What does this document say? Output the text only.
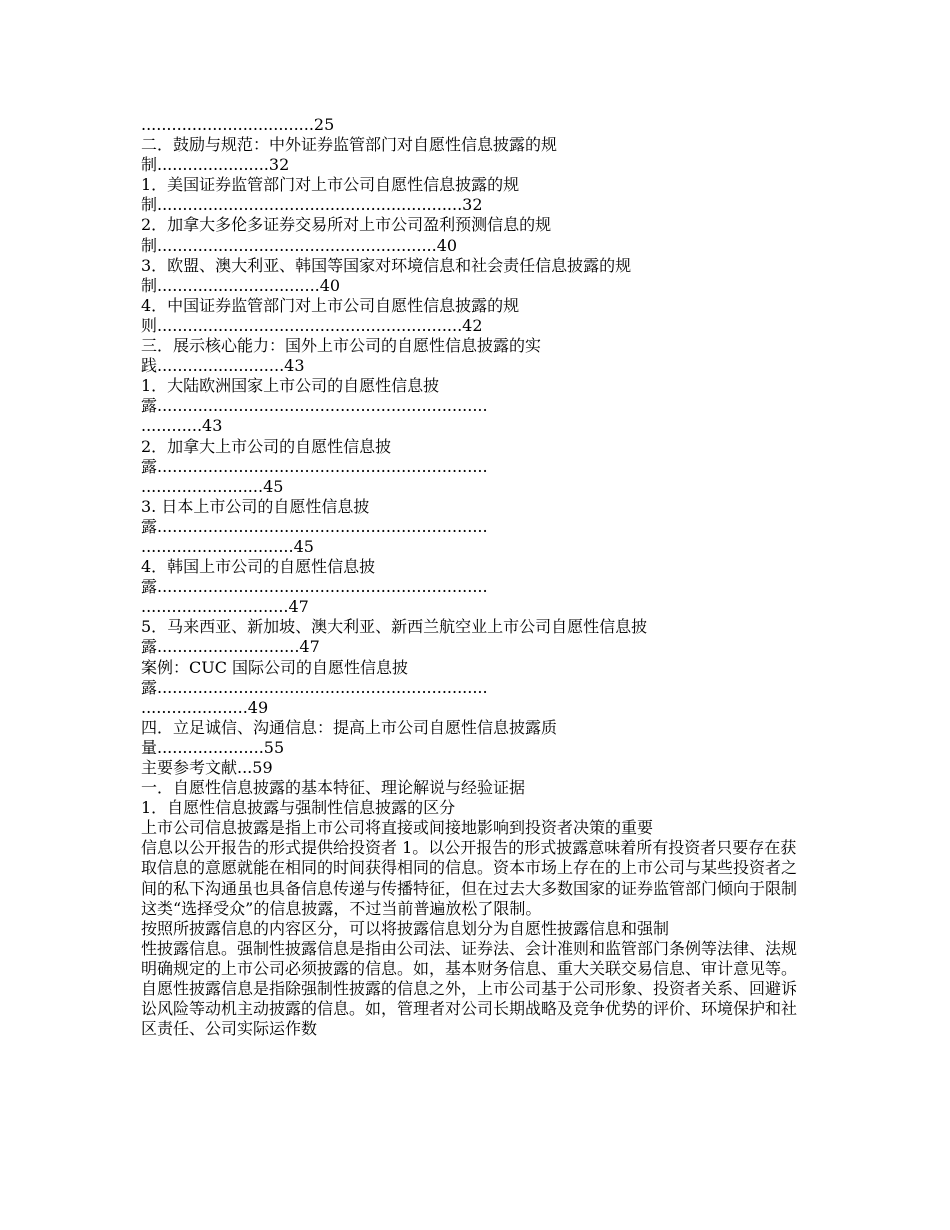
..................................25
二．鼓励与规范：中外证券监管部门对自愿性信息披露的规
制......................32
1．美国证券监管部门对上市公司自愿性信息披露的规
制............................................................32
2．加拿大多伦多证券交易所对上市公司盈利预测信息的规
制.......................................................40
3．欧盟、澳大利亚、韩国等国家对环境信息和社会责任信息披露的规
制................................40
4．中国证券监管部门对上市公司自愿性信息披露的规
则............................................................42
三．展示核心能力：国外上市公司的自愿性信息披露的实
践.........................43
1．大陆欧洲国家上市公司的自愿性信息披
露.................................................................
............43
2．加拿大上市公司的自愿性信息披
露.................................................................
........................45
3. 日本上市公司的自愿性信息披
露.................................................................
..............................45
4．韩国上市公司的自愿性信息披
露.................................................................
.............................47
5．马来西亚、新加坡、澳大利亚、新西兰航空业上市公司自愿性信息披
露............................47
案例：CUC 国际公司的自愿性信息披
露.................................................................
.....................49
四．立足诚信、沟通信息：提高上市公司自愿性信息披露质
量.....................55
主要参考文献...59
一．自愿性信息披露的基本特征、理论解说与经验证据
1．自愿性信息披露与强制性信息披露的区分
上市公司信息披露是指上市公司将直接或间接地影响到投资者决策的重要
信息以公开报告的形式提供给投资者 1。以公开报告的形式披露意味着所有投资者只要存在获取信息的意愿就能在相同的时间获得相同的信息。资本市场上存在的上市公司与某些投资者之间的私下沟通虽也具备信息传递与传播特征，但在过去大多数国家的证券监管部门倾向于限制这类“选择受众”的信息披露，不过当前普遍放松了限制。
按照所披露信息的内容区分，可以将披露信息划分为自愿性披露信息和强制
性披露信息。强制性披露信息是指由公司法、证券法、会计准则和监管部门条例等法律、法规明确规定的上市公司必须披露的信息。如，基本财务信息、重大关联交易信息、审计意见等。自愿性披露信息是指除强制性披露的信息之外，上市公司基于公司形象、投资者关系、回避诉讼风险等动机主动披露的信息。如，管理者对公司长期战略及竞争优势的评价、环境保护和社区责任、公司实际运作数
